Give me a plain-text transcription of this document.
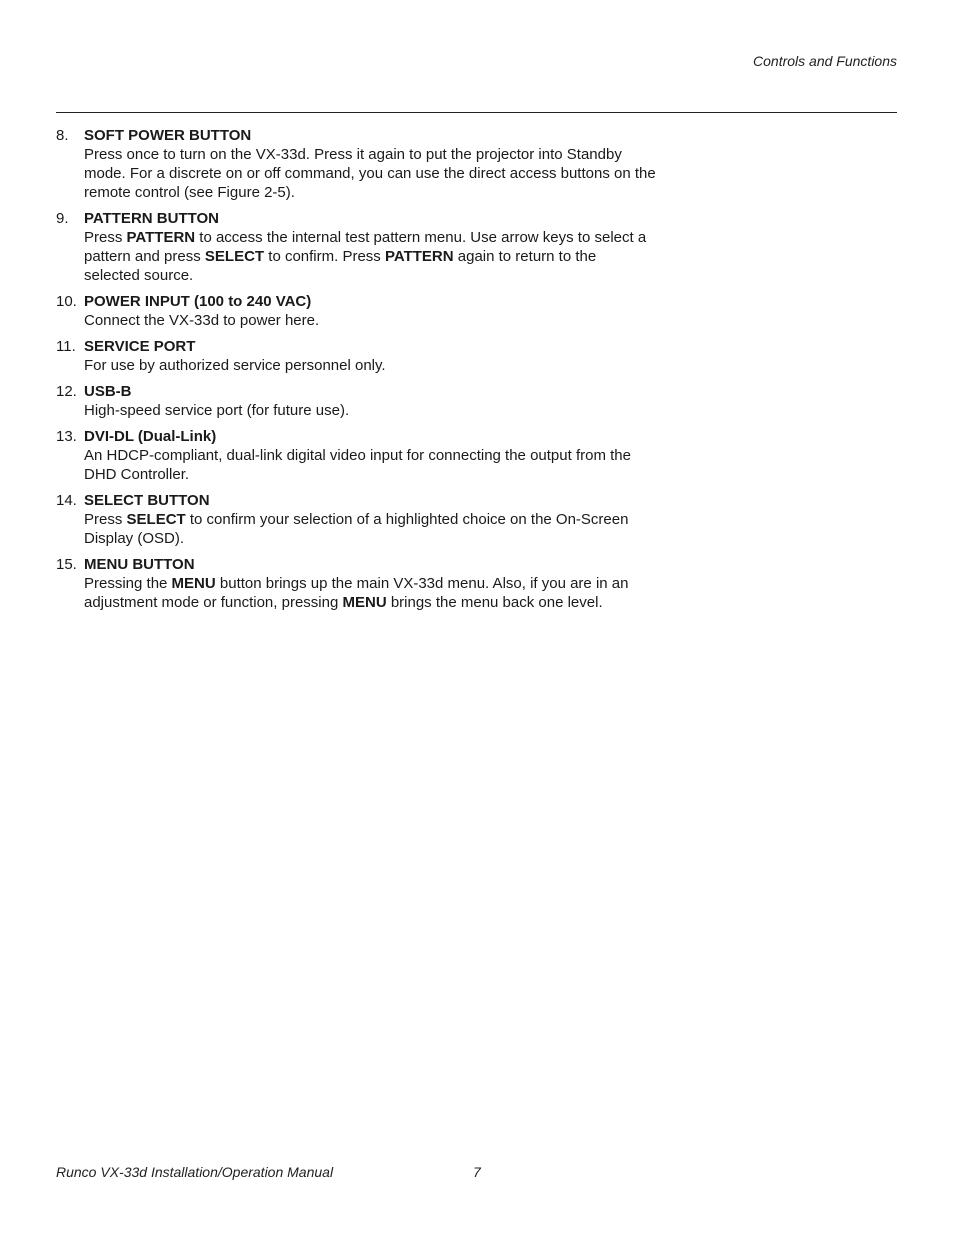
Controls and Functions
8. SOFT POWER BUTTON
Press once to turn on the VX-33d. Press it again to put the projector into Standby mode. For a discrete on or off command, you can use the direct access buttons on the remote control (see Figure 2-5).
9. PATTERN BUTTON
Press PATTERN to access the internal test pattern menu. Use arrow keys to select a pattern and press SELECT to confirm. Press PATTERN again to return to the selected source.
10. POWER INPUT (100 to 240 VAC)
Connect the VX-33d to power here.
11. SERVICE PORT
For use by authorized service personnel only.
12. USB-B
High-speed service port (for future use).
13. DVI-DL (Dual-Link)
An HDCP-compliant, dual-link digital video input for connecting the output from the DHD Controller.
14. SELECT BUTTON
Press SELECT to confirm your selection of a highlighted choice on the On-Screen Display (OSD).
15. MENU BUTTON
Pressing the MENU button brings up the main VX-33d menu. Also, if you are in an adjustment mode or function, pressing MENU brings the menu back one level.
Runco VX-33d Installation/Operation Manual	7
